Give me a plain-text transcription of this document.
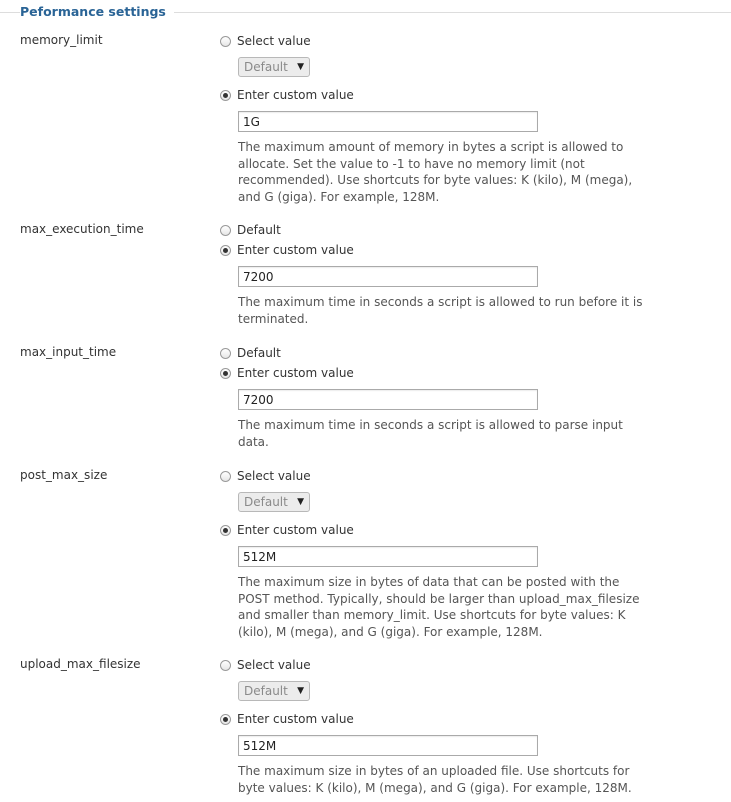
Peformance settings
memory_limit	Select value
Default ▼
Enter custom value
1G
The maximum amount of memory in bytes a script is allowed to allocate. Set the value to -1 to have no memory limit (not recommended). Use shortcuts for byte values: K (kilo), M (mega), and G (giga). For example, 128M.
max_execution_time	Default
Enter custom value
7200
The maximum time in seconds a script is allowed to run before it is terminated.
max_input_time	Default
Enter custom value
7200
The maximum time in seconds a script is allowed to parse input data.
post_max_size	Select value
Default ▼
Enter custom value
512M
The maximum size in bytes of data that can be posted with the POST method. Typically, should be larger than upload_max_filesize and smaller than memory_limit. Use shortcuts for byte values: K (kilo), M (mega), and G (giga). For example, 128M.
upload_max_filesize	Select value
Default ▼
Enter custom value
512M
The maximum size in bytes of an uploaded file. Use shortcuts for byte values: K (kilo), M (mega), and G (giga). For example, 128M.
